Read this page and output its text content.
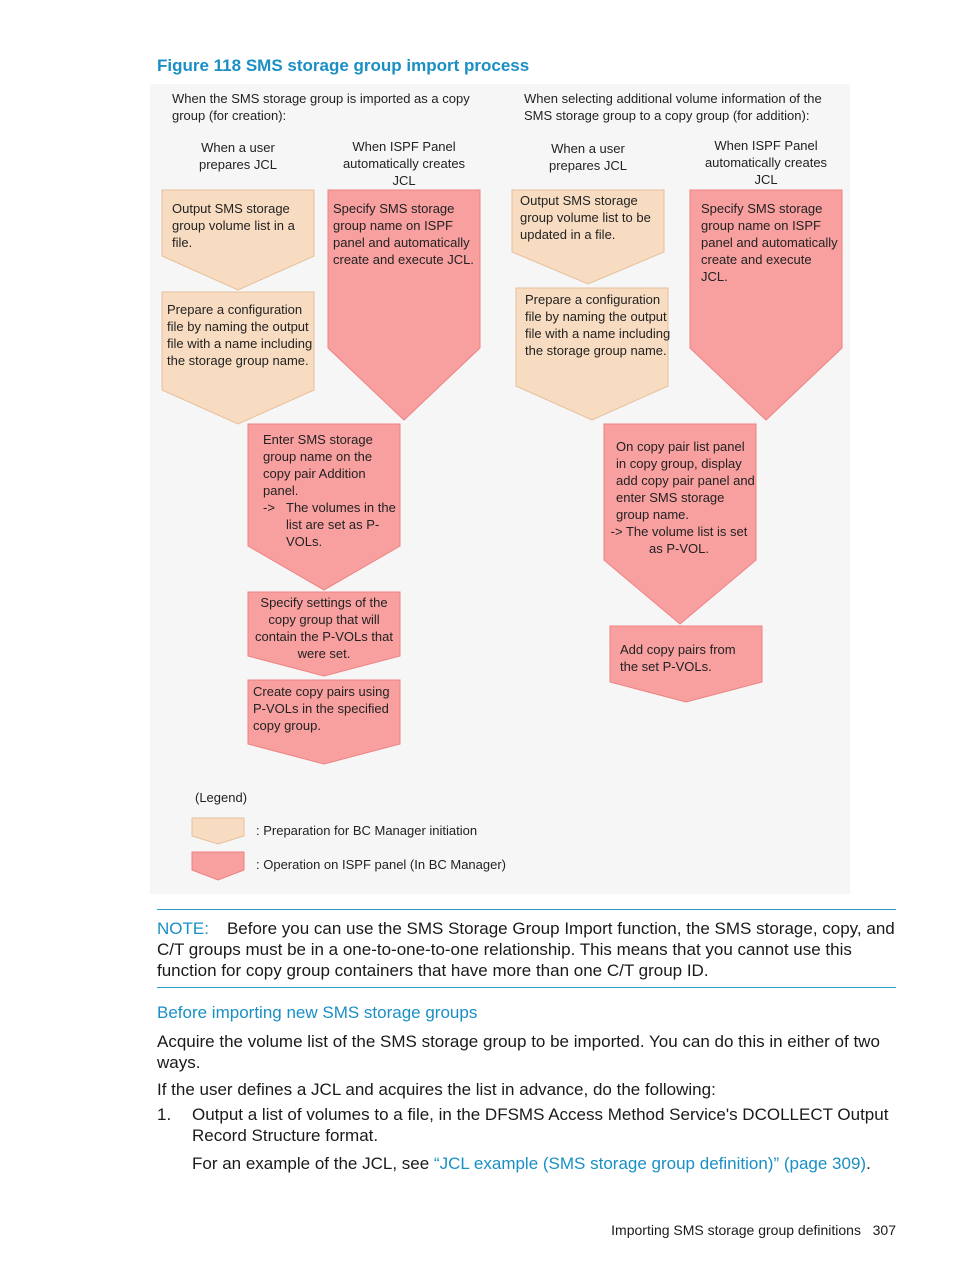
Figure 118 SMS storage group import process
When the SMS storage group is imported as a copy group (for creation):
When selecting additional volume information of the SMS storage group to a copy group (for addition):
When a user prepares JCL
When ISPF Panel automatically creates JCL
When a user prepares JCL
When ISPF Panel automatically creates JCL
Output SMS storage group volume list in a file.
Prepare a configuration file by naming the output file with a name including the storage group name.
Specify SMS storage group name on ISPF panel and automatically create and execute JCL.
Enter SMS storage group name on the copy pair Addition panel.
-> The volumes in the list are set as P-VOLs.
Specify settings of the copy group that will contain the P-VOLs that were set.
Create copy pairs using P-VOLs in the specified copy group.
Output SMS storage group volume list to be updated in a file.
Prepare a configuration file by naming the output file with a name including the storage group name.
Specify SMS storage group name on ISPF panel and automatically create and execute JCL.
On copy pair list panel in copy group, display add copy pair panel and enter SMS storage group name.
-> The volume list is set as P-VOL.
Add copy pairs from the set P-VOLs.
(Legend)
: Preparation for BC Manager initiation
: Operation on ISPF panel (In BC Manager)
NOTE: Before you can use the SMS Storage Group Import function, the SMS storage, copy, and C/T groups must be in a one-to-one-to-one relationship. This means that you cannot use this function for copy group containers that have more than one C/T group ID.
Before importing new SMS storage groups
Acquire the volume list of the SMS storage group to be imported. You can do this in either of two ways.
If the user defines a JCL and acquires the list in advance, do the following:
1.	Output a list of volumes to a file, in the DFSMS Access Method Service's DCOLLECT Output Record Structure format.
For an example of the JCL, see “JCL example (SMS storage group definition)” (page 309).
Importing SMS storage group definitions 307
